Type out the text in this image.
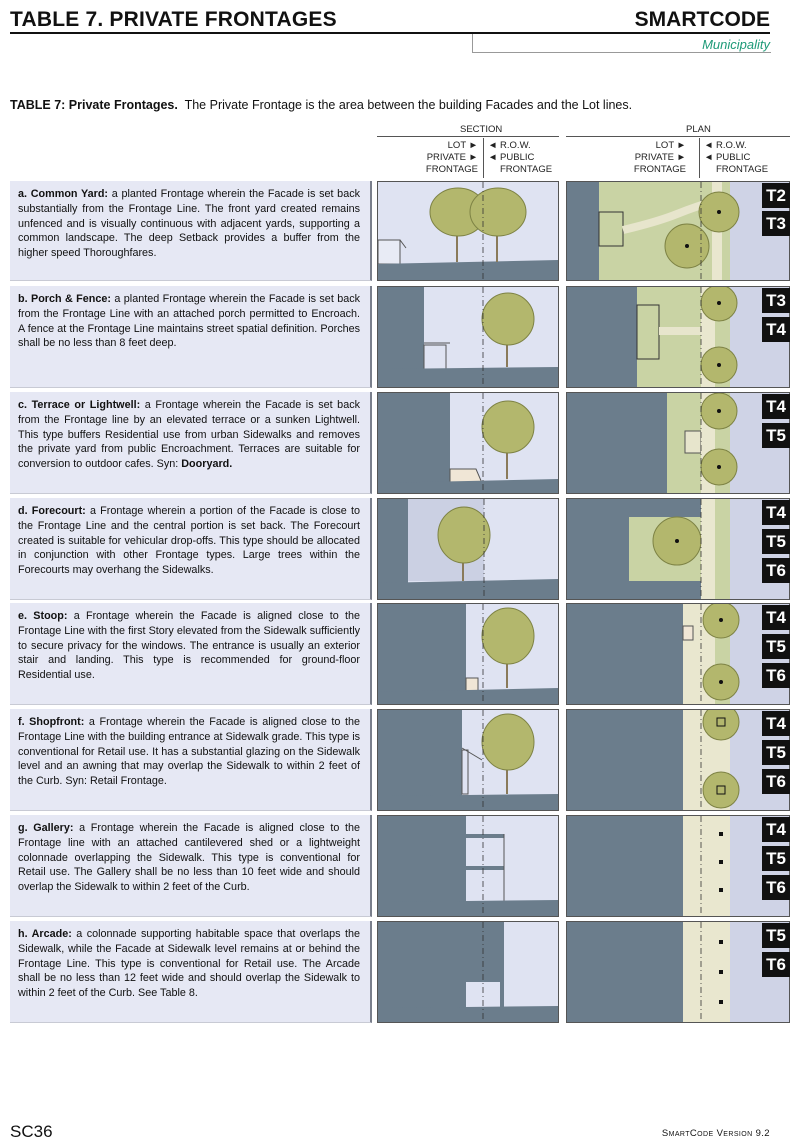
TABLE 7. PRIVATE FRONTAGES	SMARTCODE
Municipality
TABLE 7: Private Frontages. The Private Frontage is the area between the building Facades and the Lot lines.
SECTION	PLAN
LOT ►
PRIVATE ►
FRONTAGE
◄ R.O.W.
◄ PUBLIC
FRONTAGE
LOT ►
PRIVATE ►
FRONTAGE
◄ R.O.W.
◄ PUBLIC
FRONTAGE
a. Common Yard: a planted Frontage wherein the Facade is set back substantially from the Frontage Line. The front yard created remains unfenced and is visually continuous with adjacent yards, supporting a common landscape. The deep Setback provides a buffer from the higher speed Thoroughfares.
T2
T3
b. Porch & Fence: a planted Frontage wherein the Facade is set back from the Frontage Line with an attached porch permitted to Encroach. A fence at the Frontage Line maintains street spatial definition. Porches shall be no less than 8 feet deep.
T3
T4
c. Terrace or Lightwell: a Frontage wherein the Facade is set back from the Frontage line by an elevated terrace or a sunken Lightwell. This type buffers Residential use from urban Sidewalks and removes the private yard from public Encroachment. Terraces are suitable for conversion to outdoor cafes. Syn: Dooryard.
T4
T5
d. Forecourt: a Frontage wherein a portion of the Facade is close to the Frontage Line and the central portion is set back. The Forecourt created is suitable for vehicular drop-offs. This type should be allocated in conjunction with other Frontage types. Large trees within the Forecourts may overhang the Sidewalks.
T4
T5
T6
e. Stoop: a Frontage wherein the Facade is aligned close to the Frontage Line with the first Story elevated from the Sidewalk sufficiently to secure privacy for the windows. The entrance is usually an exterior stair and landing. This type is recommended for ground-floor Residential use.
T4
T5
T6
f. Shopfront: a Frontage wherein the Facade is aligned close to the Frontage Line with the building entrance at Sidewalk grade. This type is conventional for Retail use. It has a substantial glazing on the Sidewalk level and an awning that may overlap the Sidewalk to within 2 feet of the Curb. Syn: Retail Frontage.
T4
T5
T6
g. Gallery: a Frontage wherein the Facade is aligned close to the Frontage line with an attached cantilevered shed or a lightweight colonnade overlapping the Sidewalk. This type is conventional for Retail use. The Gallery shall be no less than 10 feet wide and should overlap the Sidewalk to within 2 feet of the Curb.
T4
T5
T6
h. Arcade: a colonnade supporting habitable space that overlaps the Sidewalk, while the Facade at Sidewalk level remains at or behind the Frontage Line. This type is conventional for Retail use. The Arcade shall be no less than 12 feet wide and should overlap the Sidewalk to within 2 feet of the Curb. See Table 8.
T5
T6
SC36	SmartCode Version 9.2
